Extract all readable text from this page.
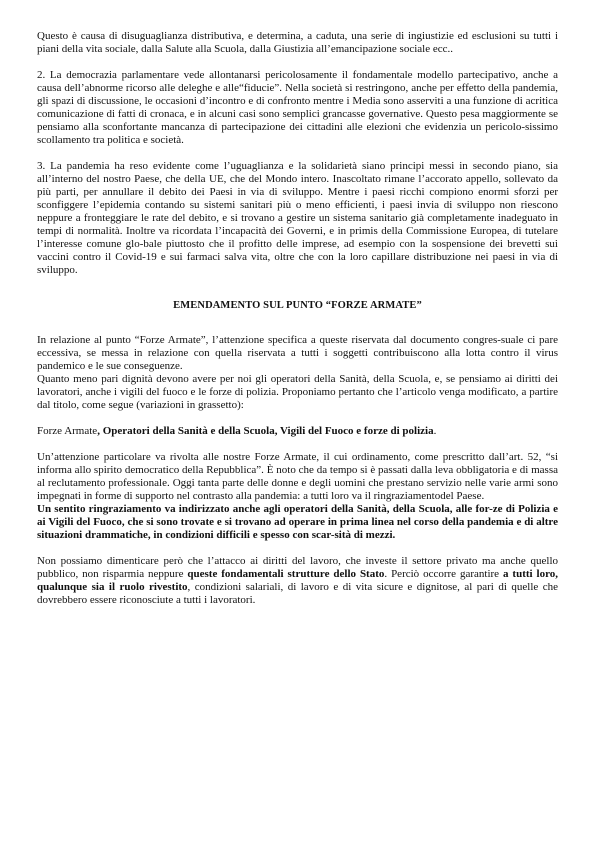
Questo è causa di disuguaglianza distributiva, e determina, a caduta, una serie di ingiustizie ed esclusioni su tutti i piani della vita sociale, dalla Salute alla Scuola, dalla Giustizia all’emancipazione sociale ecc..

2. La democrazia parlamentare vede allontanarsi pericolosamente il fondamentale modello partecipativo, anche a causa dell’abnorme ricorso alle deleghe e alle“fiducie”. Nella società si restringono, anche per effetto della pandemia, gli spazi di discussione, le occasioni d’incontro e di confronto mentre i Media sono asserviti a una funzione di acritica comunicazione di fatti di cronaca, e in alcuni casi sono semplici grancasse governative. Questo pesa maggiormente se pensiamo alla sconfortante mancanza di partecipazione dei cittadini alle elezioni che evidenzia un pericolo-sissimo scollamento tra politica e società.

3. La pandemia ha reso evidente come l’uguaglianza e la solidarietà siano principi messi in secondo piano, sia all’interno del nostro Paese, che della UE, che del Mondo intero. Inascoltato rimane l’accorato appello, sollevato da più parti, per annullare il debito dei Paesi in via di sviluppo. Mentre i paesi ricchi compiono enormi sforzi per sconfiggere l’epidemia contando su sistemi sanitari più o meno efficienti, i paesi invia di sviluppo non riescono neppure a fronteggiare le rate del debito, e si trovano a gestire un sistema sanitario già completamente inadeguato in tempi di normalità. Inoltre va ricordata l’incapacità dei Governi, e in primis della Commissione Europea, di tutelare l’interesse comune glo-bale piuttosto che il profitto delle imprese, ad esempio con la sospensione dei brevetti sui vaccini contro il Covid-19 e sui farmaci salva vita, oltre che con la loro capillare distribuzione nei paesi in via di sviluppo.

EMENDAMENTO SUL PUNTO “FORZE ARMATE”

In relazione al punto “Forze Armate”, l’attenzione specifica a queste riservata dal documento congres-suale ci pare eccessiva, se messa in relazione con quella riservata a tutti i soggetti contribuiscono alla lotta contro il virus pandemico e le sue conseguenze.

Quanto meno pari dignità devono avere per noi gli operatori della Sanità, della Scuola, e, se pensiamo ai diritti dei lavoratori, anche i vigili del fuoco e le forze di polizia. Proponiamo pertanto che l’articolo venga modificato, a partire dal titolo, come segue (variazioni in grassetto):

Forze Armate, Operatori della Sanità e della Scuola, Vigili del Fuoco e forze di polizia.

Un’attenzione particolare va rivolta alle nostre Forze Armate, il cui ordinamento, come prescritto dall’art. 52, “si informa allo spirito democratico della Repubblica”. È noto che da tempo si è passati dalla leva obbligatoria e di massa al reclutamento professionale. Oggi tanta parte delle donne e degli uomini che prestano servizio nelle varie armi sono impegnati in forme di supporto nel contrasto alla pandemia: a tutti loro va il ringraziamentodel Paese.

Un sentito ringraziamento va indirizzato anche agli operatori della Sanità, della Scuola, alle for-ze di Polizia e ai Vigili del Fuoco, che si sono trovate e si trovano ad operare in prima linea nel corso della pandemia e di altre situazioni drammatiche, in condizioni difficili e spesso con scar-sità di mezzi.

Non possiamo dimenticare però che l’attacco ai diritti del lavoro, che investe il settore privato ma anche quello pubblico, non risparmia neppure queste fondamentali strutture dello Stato. Perciò occorre garantire a tutti loro, qualunque sia il ruolo rivestito, condizioni salariali, di lavoro e di vita sicure e dignitose, al pari di quelle che dovrebbero essere riconosciute a tutti i lavoratori.
